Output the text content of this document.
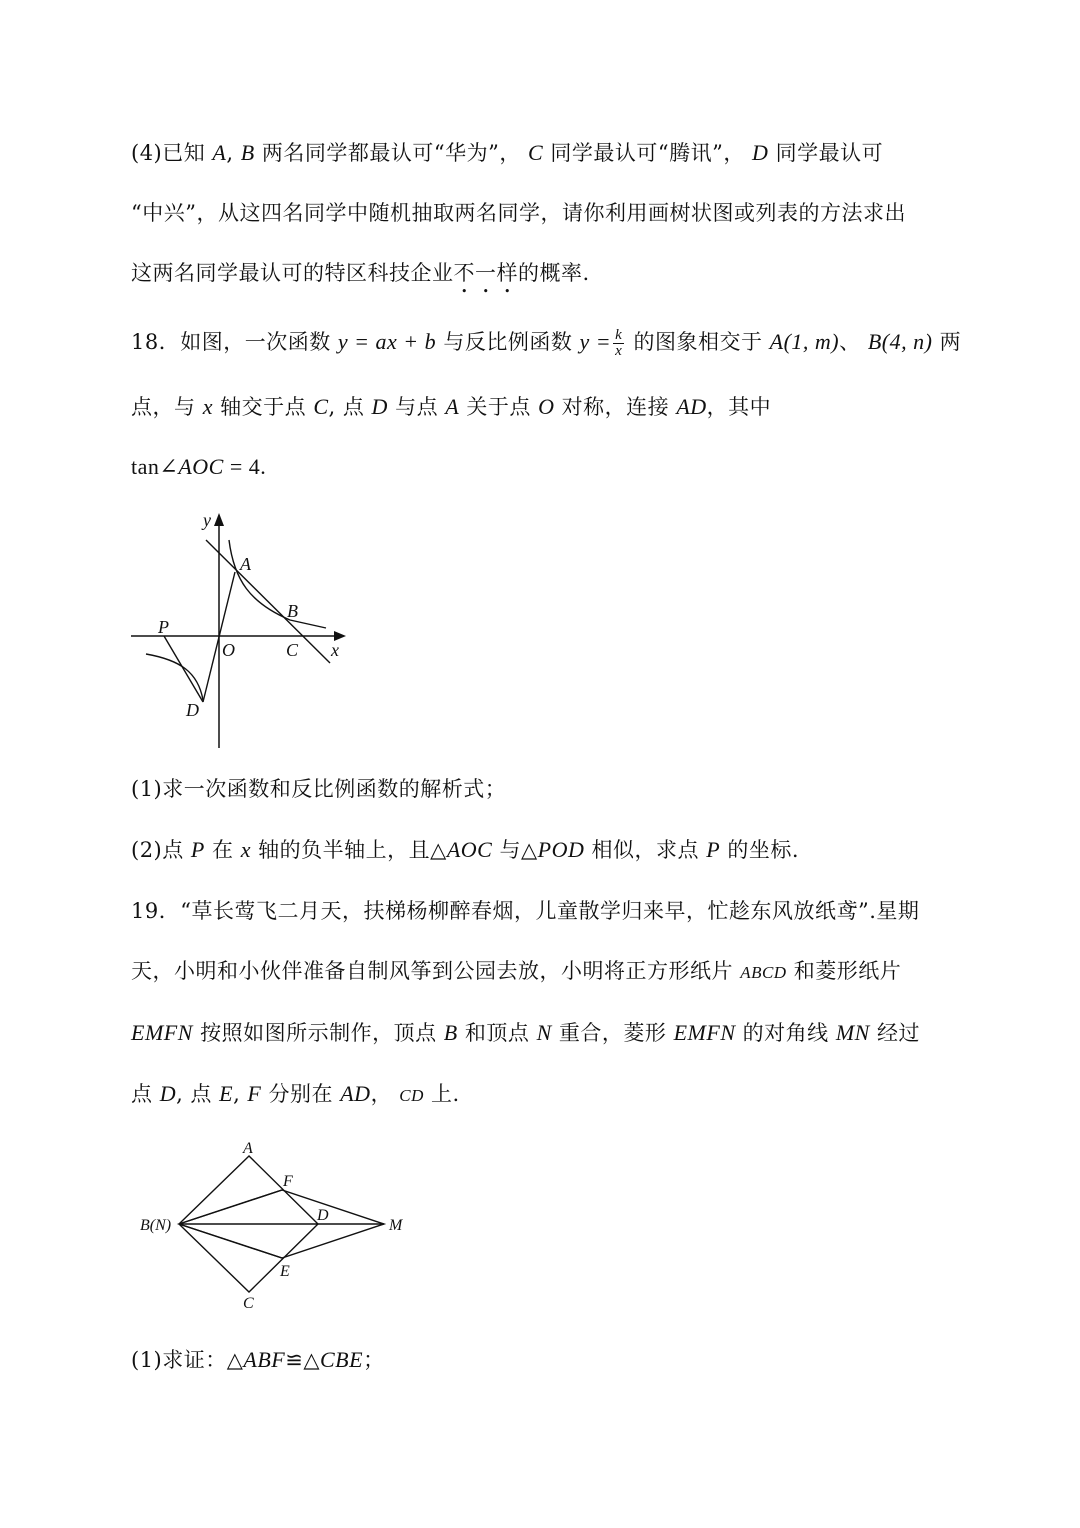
(4)已知 A, B 两名同学都最认可“华为”， C 同学最认可“腾讯”， D 同学最认可
“中兴”，从这四名同学中随机抽取两名同学，请你利用画树状图或列表的方法求出
这两名同学最认可的特区科技企业不一样的概率.
18．如图，一次函数 y = ax + b 与反比例函数 $y = \frac{k}{x}$ 的图象相交于 A(1, m)、 B(4, n) 两
点，与 x 轴交于点 C, 点 D 与点 A 关于点 O 对称，连接 AD，其中
tan∠AOC = 4.
y
x
A
B
P
O	C
D
(1)求一次函数和反比例函数的解析式；
(2)点 P 在 x 轴的负半轴上，且△AOC 与△POD 相似，求点 P 的坐标.
19．“草长莺飞二月天，扶梯杨柳醉春烟，儿童散学归来早，忙趁东风放纸鸢”.星期
天，小明和小伙伴准备自制风筝到公园去放，小明将正方形纸片 ABCD 和菱形纸片
EMFN 按照如图所示制作，顶点 B 和顶点 N 重合，菱形 EMFN 的对角线 MN 经过
点 D, 点 E, F 分别在 AD， CD 上.
A
F
B(N)
D
M
E
C
(1)求证：△ABF≌△CBE；
